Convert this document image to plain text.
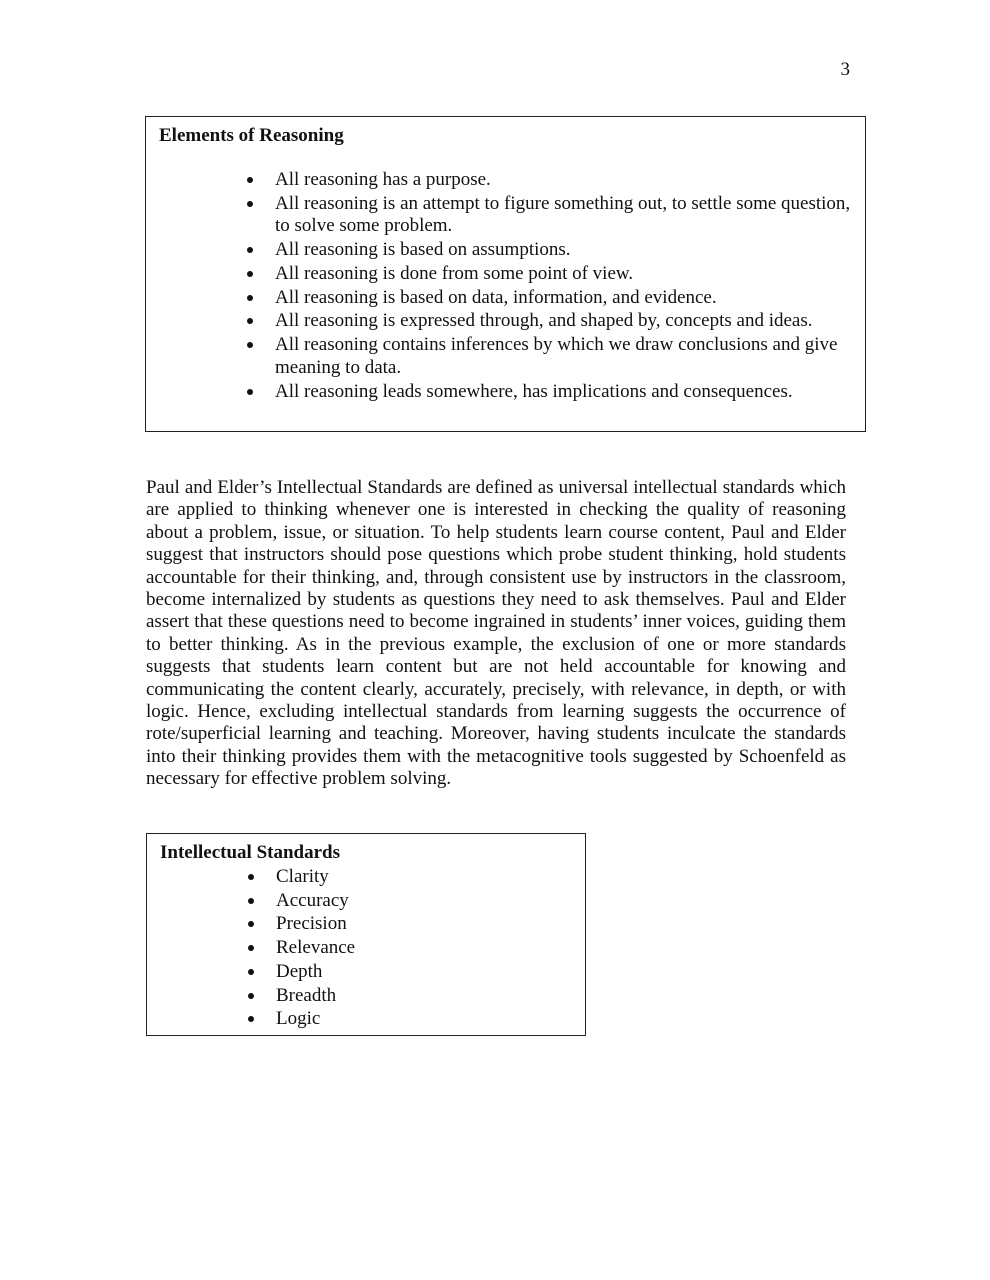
3
Elements of Reasoning
All reasoning has a purpose.
All reasoning is an attempt to figure something out, to settle some question, to solve some problem.
All reasoning is based on assumptions.
All reasoning is done from some point of view.
All reasoning is based on data, information, and evidence.
All reasoning is expressed through, and shaped by, concepts and ideas.
All reasoning contains inferences by which we draw conclusions and give meaning to data.
All reasoning leads somewhere, has implications and consequences.

Paul and Elder’s Intellectual Standards are defined as universal intellectual standards which are applied to thinking whenever one is interested in checking the quality of reasoning about a problem, issue, or situation. To help students learn course content, Paul and Elder suggest that instructors should pose questions which probe student thinking, hold students accountable for their thinking, and, through consistent use by instructors in the classroom, become internalized by students as questions they need to ask themselves. Paul and Elder assert that these questions need to become ingrained in students’ inner voices, guiding them to better thinking. As in the previous example, the exclusion of one or more standards suggests that students learn content but are not held accountable for knowing and communicating the content clearly, accurately, precisely, with relevance, in depth, or with logic. Hence, excluding intellectual standards from learning suggests the occurrence of rote/superficial learning and teaching. Moreover, having students inculcate the standards into their thinking provides them with the metacognitive tools suggested by Schoenfeld as necessary for effective problem solving.

Intellectual Standards
Clarity
Accuracy
Precision
Relevance
Depth
Breadth
Logic
